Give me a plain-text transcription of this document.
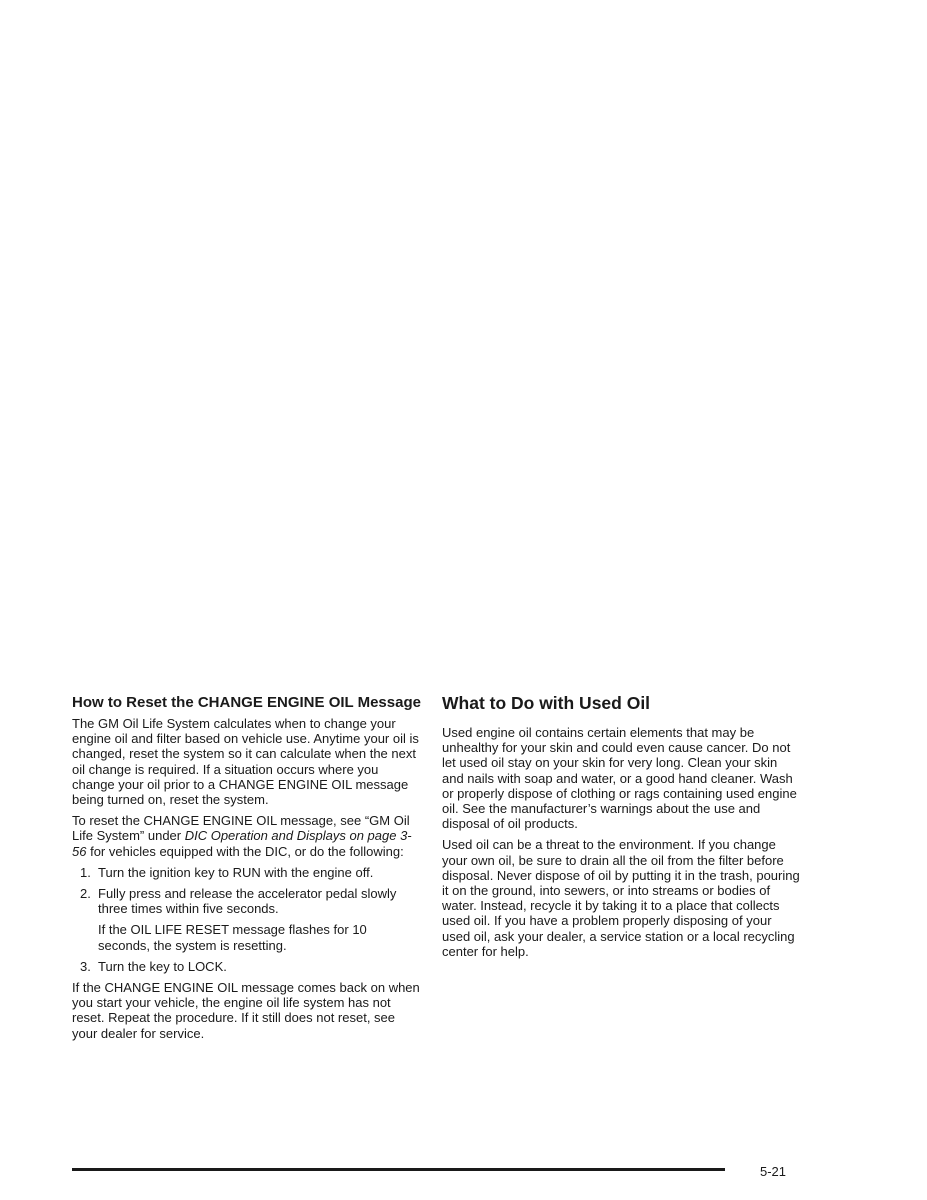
How to Reset the CHANGE ENGINE OIL Message

The GM Oil Life System calculates when to change your engine oil and filter based on vehicle use. Anytime your oil is changed, reset the system so it can calculate when the next oil change is required. If a situation occurs where you change your oil prior to a CHANGE ENGINE OIL message being turned on, reset the system.

To reset the CHANGE ENGINE OIL message, see “GM Oil Life System” under DIC Operation and Displays on page 3-56 for vehicles equipped with the DIC, or do the following:

1. Turn the ignition key to RUN with the engine off.
2. Fully press and release the accelerator pedal slowly three times within five seconds.
If the OIL LIFE RESET message flashes for 10 seconds, the system is resetting.
3. Turn the key to LOCK.

If the CHANGE ENGINE OIL message comes back on when you start your vehicle, the engine oil life system has not reset. Repeat the procedure. If it still does not reset, see your dealer for service.

What to Do with Used Oil

Used engine oil contains certain elements that may be unhealthy for your skin and could even cause cancer. Do not let used oil stay on your skin for very long. Clean your skin and nails with soap and water, or a good hand cleaner. Wash or properly dispose of clothing or rags containing used engine oil. See the manufacturer’s warnings about the use and disposal of oil products.

Used oil can be a threat to the environment. If you change your own oil, be sure to drain all the oil from the filter before disposal. Never dispose of oil by putting it in the trash, pouring it on the ground, into sewers, or into streams or bodies of water. Instead, recycle it by taking it to a place that collects used oil. If you have a problem properly disposing of your used oil, ask your dealer, a service station or a local recycling center for help.

5-21
